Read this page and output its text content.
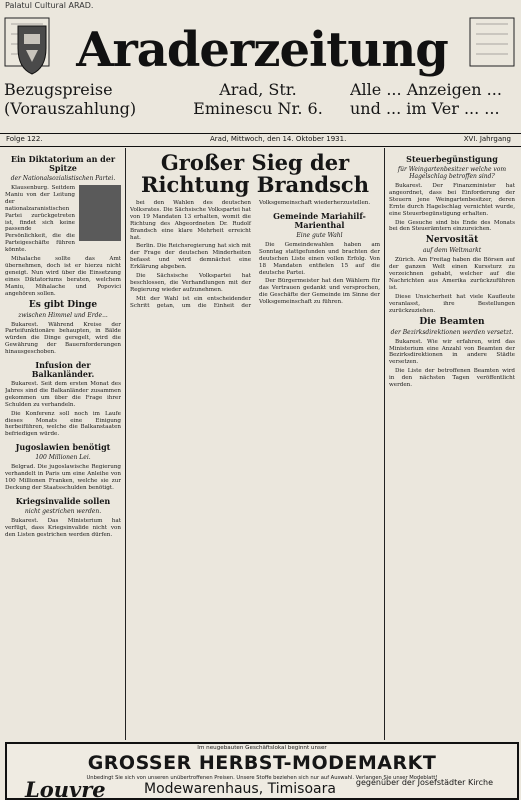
Palatul Cultural ARAD.
Araderzeitung
Bezugspreise (Vorauszahlung)
Arad, Str. Eminescu Nr. 6.
Alle ... Anzeigen ... und ... im Ver ... ...
Folge 122.	Arad, Mittwoch, den 14. Oktober 1931.	XVI. Jahrgang
Ein Diktatorium an der Spitze
der Nationalsozialistischen Partei.

Klausenburg. Seitdem Maniu von der Leitung der nationalzaranistischen Partei zurückgetreten ist, findet sich keine passende Persönlichkeit, die die Parteigeschäfte führen könnte.

Mihalache sollte das Amt übernehmen, doch ist er hierzu nicht geneigt. Nun wird über die Einsetzung eines Diktatoriums beraten, welchem Maniu, Mihalache und Popovici angehören sollen.

Es gibt Dinge
zwischen Himmel und Erde...

Bukarest. Während Kreise der Parteifunktionäre behaupten, in Bälde würden die Dinge geregelt, wird die Gewährung der Bauernforderungen hinausgeschoben.

Infusion der Balkanländer.

Bukarest. Seit dem ersten Monat des Jahres sind die Balkanländer zusammen gekommen um über die Frage ihrer Schulden zu verhandeln.

Die Konferenz soll noch im Laufe dieses Monats eine Einigung herbeiführen, welche die Balkanstaaten befriedigen würde.

Jugoslawien benötigt
100 Millionen Lei.

Belgrad. Die jugoslawische Regierung verhandelt in Paris um eine Anleihe von 100 Millionen Franken, welche sie zur Deckung der Staatsschulden benötigt.

Kriegsinvalide sollen
nicht gestrichen werden.

Bukarest. Das Ministerium hat verfügt, dass Kriegsinvalide nicht von den Listen gestrichen werden dürfen.

Großer Sieg der Richtung Brandsch

bei den Wahlen des deutschen Volksrates. Die Sächsische Volkspartei hat von 19 Mandaten 13 erhalten, womit die Richtung des Abgeordneten Dr. Rudolf Brandsch eine klare Mehrheit erreicht hat.

Berlin. Die Reichsregierung hat sich mit der Frage der deutschen Minderheiten befasst und wird demnächst eine Erklärung abgeben.

Die Sächsische Volkspartei hat beschlossen, die Verhandlungen mit der Regierung wieder aufzunehmen.

Mit der Wahl ist ein entscheidender Schritt getan, um die Einheit der Volksgemeinschaft wiederherzustellen.

Gemeinde Mariahilf-Marienthal
Eine gute Wahl

Die Gemeindewahlen haben am Sonntag stattgefunden und brachten der deutschen Liste einen vollen Erfolg. Von 18 Mandaten entfielen 15 auf die deutsche Partei.

Der Bürgermeister hat den Wählern für das Vertrauen gedankt und versprochen, die Geschäfte der Gemeinde im Sinne der Volksgemeinschaft zu führen.

Steuerbegünstigung
für Weingartenbesitzer welche vom Hagelschlag betroffen sind?

Bukarest. Der Finanzminister hat angeordnet, dass bei Einforderung der Steuern jene Weingartenbesitzer, deren Ernte durch Hagelschlag vernichtet wurde, eine Steuerbegünstigung erhalten.

Die Gesuche sind bis Ende des Monats bei den Steuerämtern einzureichen.

Nervosität
auf dem Weltmarkt

Zürich. Am Freitag haben die Börsen auf der ganzen Welt einen Kurssturz zu verzeichnen gehabt, welcher auf die Nachrichten aus Amerika zurückzuführen ist.

Diese Unsicherheit hat viele Kaufleute veranlasst, ihre Bestellungen zurückzuziehen.

Die Beamten
der Bezirksdirektionen werden versetzt.

Bukarest. Wie wir erfahren, wird das Ministerium eine Anzahl von Beamten der Bezirksdirektionen in andere Städte versetzen.

Die Liste der betroffenen Beamten wird in den nächsten Tagen veröffentlicht werden.

Im neugebauten Geschäftslokal beginnt unser
GROSSER HERBST-MODEMARKT
Unbedingt Sie sich von unseren unübertroffenen Preisen. Unsere Stoffe beziehen sich nur auf Auswahl. Verlangen Sie unser Modeblatt!
Louvre	Modewarenhaus, Timisoara gegenüber der Josefstädter Kirche
